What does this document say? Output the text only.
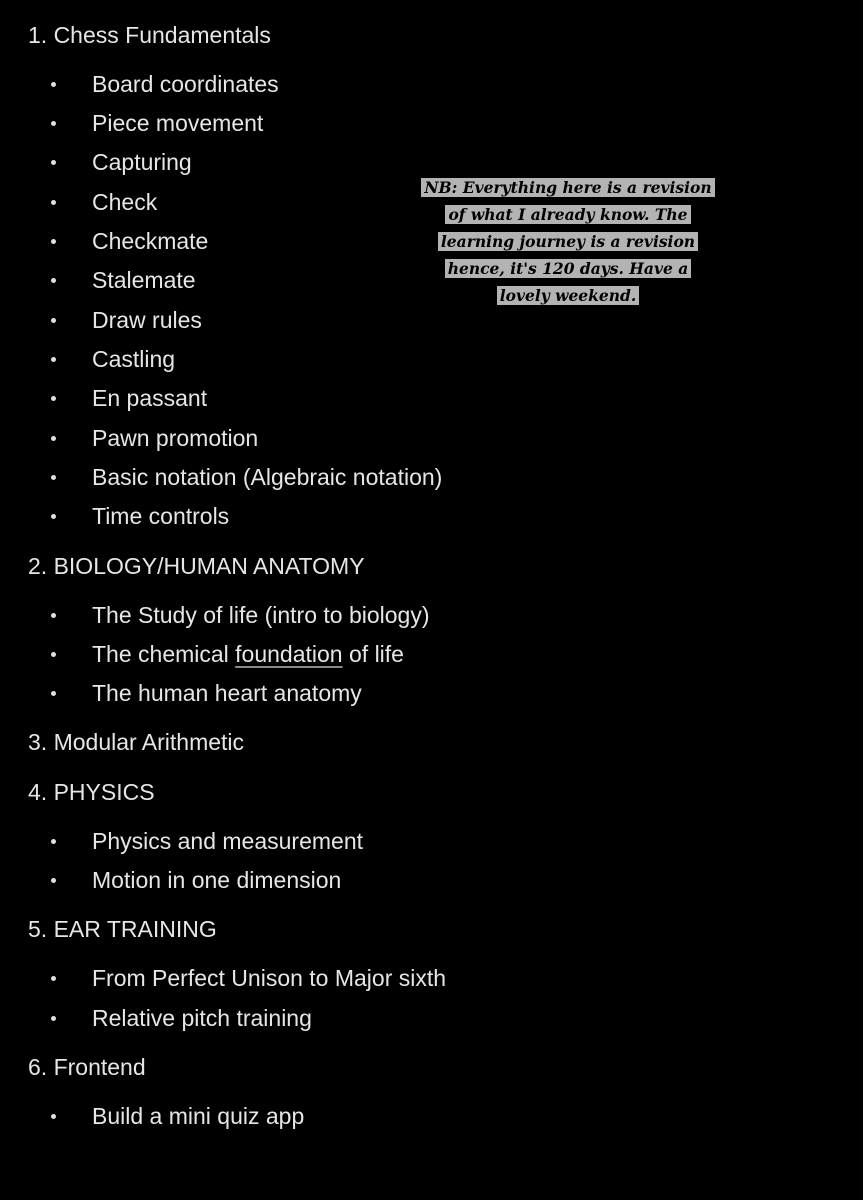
1. Chess Fundamentals
Board coordinates
Piece movement
Capturing
Check
Checkmate
Stalemate
Draw rules
Castling
En passant
Pawn promotion
Basic notation (Algebraic notation)
Time controls
2. BIOLOGY/HUMAN ANATOMY
The Study of life (intro to biology)
The chemical foundation of life
The human heart anatomy
3. Modular Arithmetic
4. PHYSICS
Physics and measurement
Motion in one dimension
5. EAR TRAINING
From Perfect Unison to Major sixth
Relative pitch training
6. Frontend
Build a mini quiz app
NB: Everything here is a revision
of what I already know. The
learning journey is a revision
hence, it's 120 days. Have a
lovely weekend.
